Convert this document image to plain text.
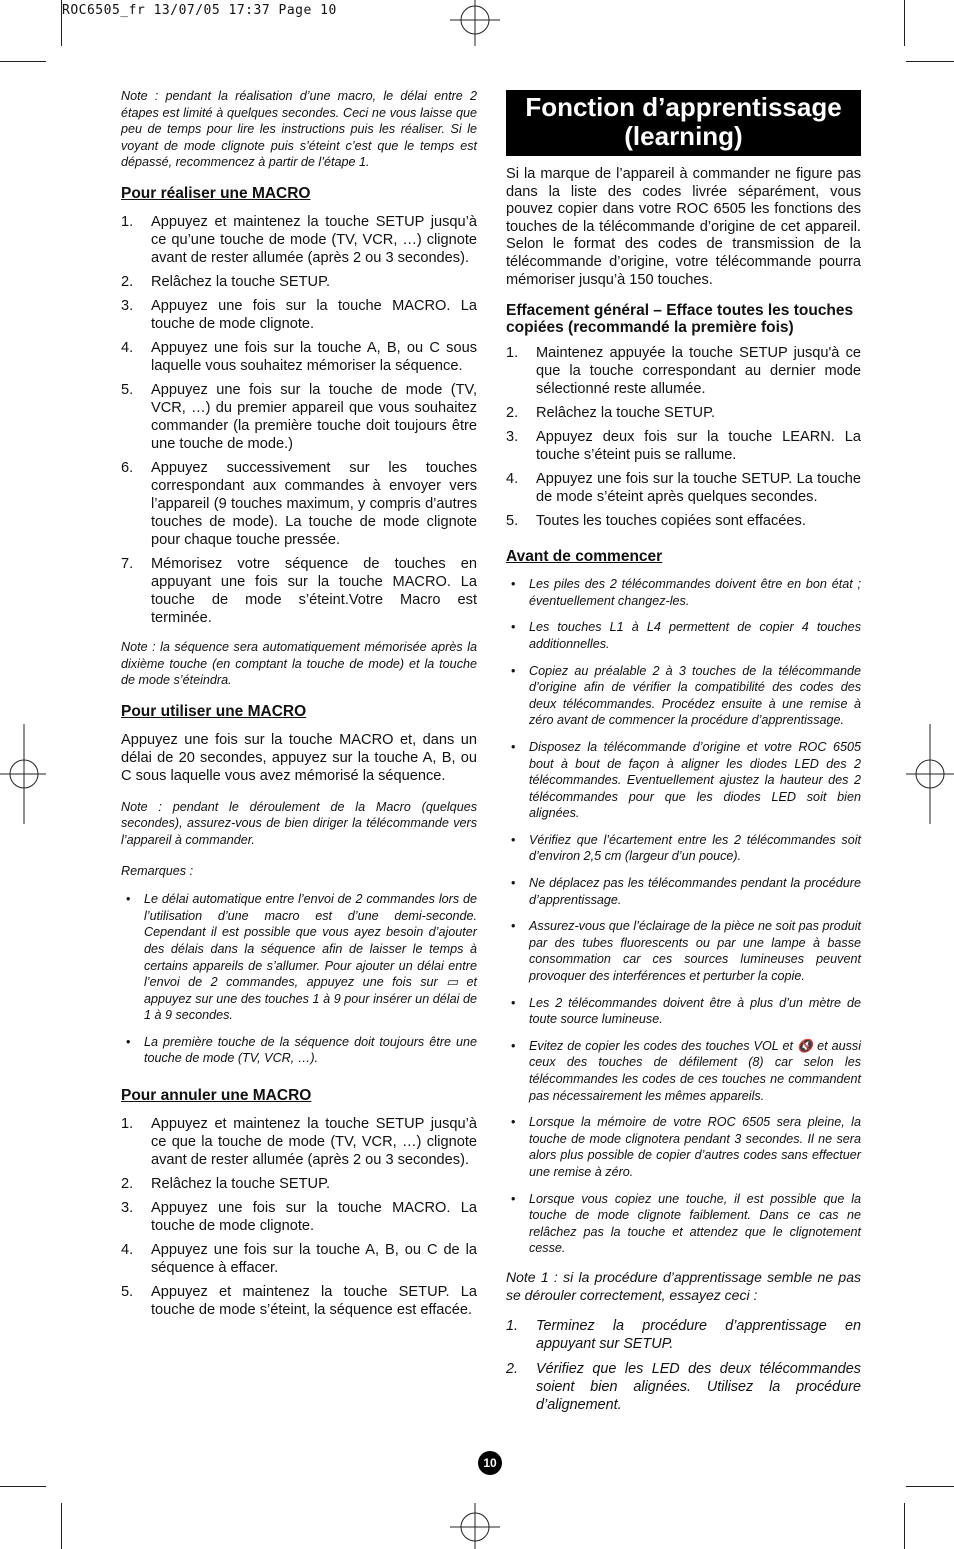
ROC6505_fr 13/07/05 17:37 Page 10

Note : pendant la réalisation d’une macro, le délai entre 2 étapes est limité à quelques secondes. Ceci ne vous laisse que peu de temps pour lire les instructions puis les réaliser. Si le voyant de mode clignote puis s’éteint c’est que le temps est dépassé, recommencez à partir de l’étape 1.

Pour réaliser une MACRO
1. Appuyez et maintenez la touche SETUP jusqu’à ce qu’une touche de mode (TV, VCR, …) clignote avant de rester allumée (après 2 ou 3 secondes).
2. Relâchez la touche SETUP.
3. Appuyez une fois sur la touche MACRO. La touche de mode clignote.
4. Appuyez une fois sur la touche A, B, ou C sous laquelle vous souhaitez mémoriser la séquence.
5. Appuyez une fois sur la touche de mode (TV, VCR, …) du premier appareil que vous souhaitez commander (la première touche doit toujours être une touche de mode.)
6. Appuyez successivement sur les touches correspondant aux commandes à envoyer vers l’appareil (9 touches maximum, y compris d’autres touches de mode). La touche de mode clignote pour chaque touche pressée.
7. Mémorisez votre séquence de touches en appuyant une fois sur la touche MACRO. La touche de mode s’éteint.Votre Macro est terminée.

Note : la séquence sera automatiquement mémorisée après la dixième touche (en comptant la touche de mode) et la touche de mode s’éteindra.

Pour utiliser une MACRO

Appuyez une fois sur la touche MACRO et, dans un délai de 20 secondes, appuyez sur la touche A, B, ou C sous laquelle vous avez mémorisé la séquence.

Note : pendant le déroulement de la Macro (quelques secondes), assurez-vous de bien diriger la télécommande vers l’appareil à commander.

Remarques :

• Le délai automatique entre l’envoi de 2 commandes lors de l’utilisation d’une macro est d’une demi-seconde. Cependant il est possible que vous ayez besoin d’ajouter des délais dans la séquence afin de laisser le temps à certains appareils de s’allumer. Pour ajouter un délai entre l’envoi de 2 commandes, appuyez une fois sur ▭ et appuyez sur une des touches 1 à 9 pour insérer un délai de 1 à 9 secondes.
• La première touche de la séquence doit toujours être une touche de mode (TV, VCR, …).
Pour annuler une MACRO
1. Appuyez et maintenez la touche SETUP jusqu’à ce que la touche de mode (TV, VCR, …) clignote avant de rester allumée (après 2 ou 3 secondes).
2. Relâchez la touche SETUP.
3. Appuyez une fois sur la touche MACRO. La touche de mode clignote.
4. Appuyez une fois sur la touche A, B, ou C de la séquence à effacer.
5. Appuyez et maintenez la touche SETUP. La touche de mode s’éteint, la séquence est effacée.
Fonction d’apprentissage (learning)

Si la marque de l’appareil à commander ne figure pas dans la liste des codes livrée séparément, vous pouvez copier dans votre ROC 6505 les fonctions des touches de la télécommande d’origine de cet appareil. Selon le format des codes de transmission de la télécommande d’origine, votre télécommande pourra mémoriser jusqu’à 150 touches.

Effacement général – Efface toutes les touches copiées (recommandé la première fois)
1. Maintenez appuyée la touche SETUP jusqu'à ce que la touche correspondant au dernier mode sélectionné reste allumée.
2. Relâchez la touche SETUP.
3. Appuyez deux fois sur la touche LEARN. La touche s’éteint puis se rallume.
4. Appuyez une fois sur la touche SETUP. La touche de mode s’éteint après quelques secondes.
5. Toutes les touches copiées sont effacées.
Avant de commencer
• Les piles des 2 télécommandes doivent être en bon état ; éventuellement changez-les.
• Les touches L1 à L4 permettent de copier 4 touches additionnelles.
• Copiez au préalable 2 à 3 touches de la télécommande d’origine afin de vérifier la compatibilité des codes des deux télécommandes. Procédez ensuite à une remise à zéro avant de commencer la procédure d’apprentissage.
• Disposez la télécommande d’origine et votre ROC 6505 bout à bout de façon à aligner les diodes LED des 2 télécommandes. Eventuellement ajustez la hauteur des 2 télécommandes pour que les diodes LED soit bien alignées.
• Vérifiez que l’écartement entre les 2 télécommandes soit d’environ 2,5 cm (largeur d’un pouce).
• Ne déplacez pas les télécommandes pendant la procédure d’apprentissage.
• Assurez-vous que l’éclairage de la pièce ne soit pas produit par des tubes fluorescents ou par une lampe à basse consommation car ces sources lumineuses peuvent provoquer des interférences et perturber la copie.
• Les 2 télécommandes doivent être à plus d’un mètre de toute source lumineuse.
• Evitez de copier les codes des touches VOL et 🔇 et aussi ceux des touches de défilement (8) car selon les télécommandes les codes de ces touches ne commandent pas nécessairement les mêmes appareils.
• Lorsque la mémoire de votre ROC 6505 sera pleine, la touche de mode clignotera pendant 3 secondes. Il ne sera alors plus possible de copier d’autres codes sans effectuer une remise à zéro.
• Lorsque vous copiez une touche, il est possible que la touche de mode clignote faiblement. Dans ce cas ne relâchez pas la touche et attendez que le clignotement cesse.

Note 1 : si la procédure d’apprentissage semble ne pas se dérouler correctement, essayez ceci :

1. Terminez la procédure d’apprentissage en appuyant sur SETUP.
2. Vérifiez que les LED des deux télécommandes soient bien alignées. Utilisez la procédure d’alignement.
10
